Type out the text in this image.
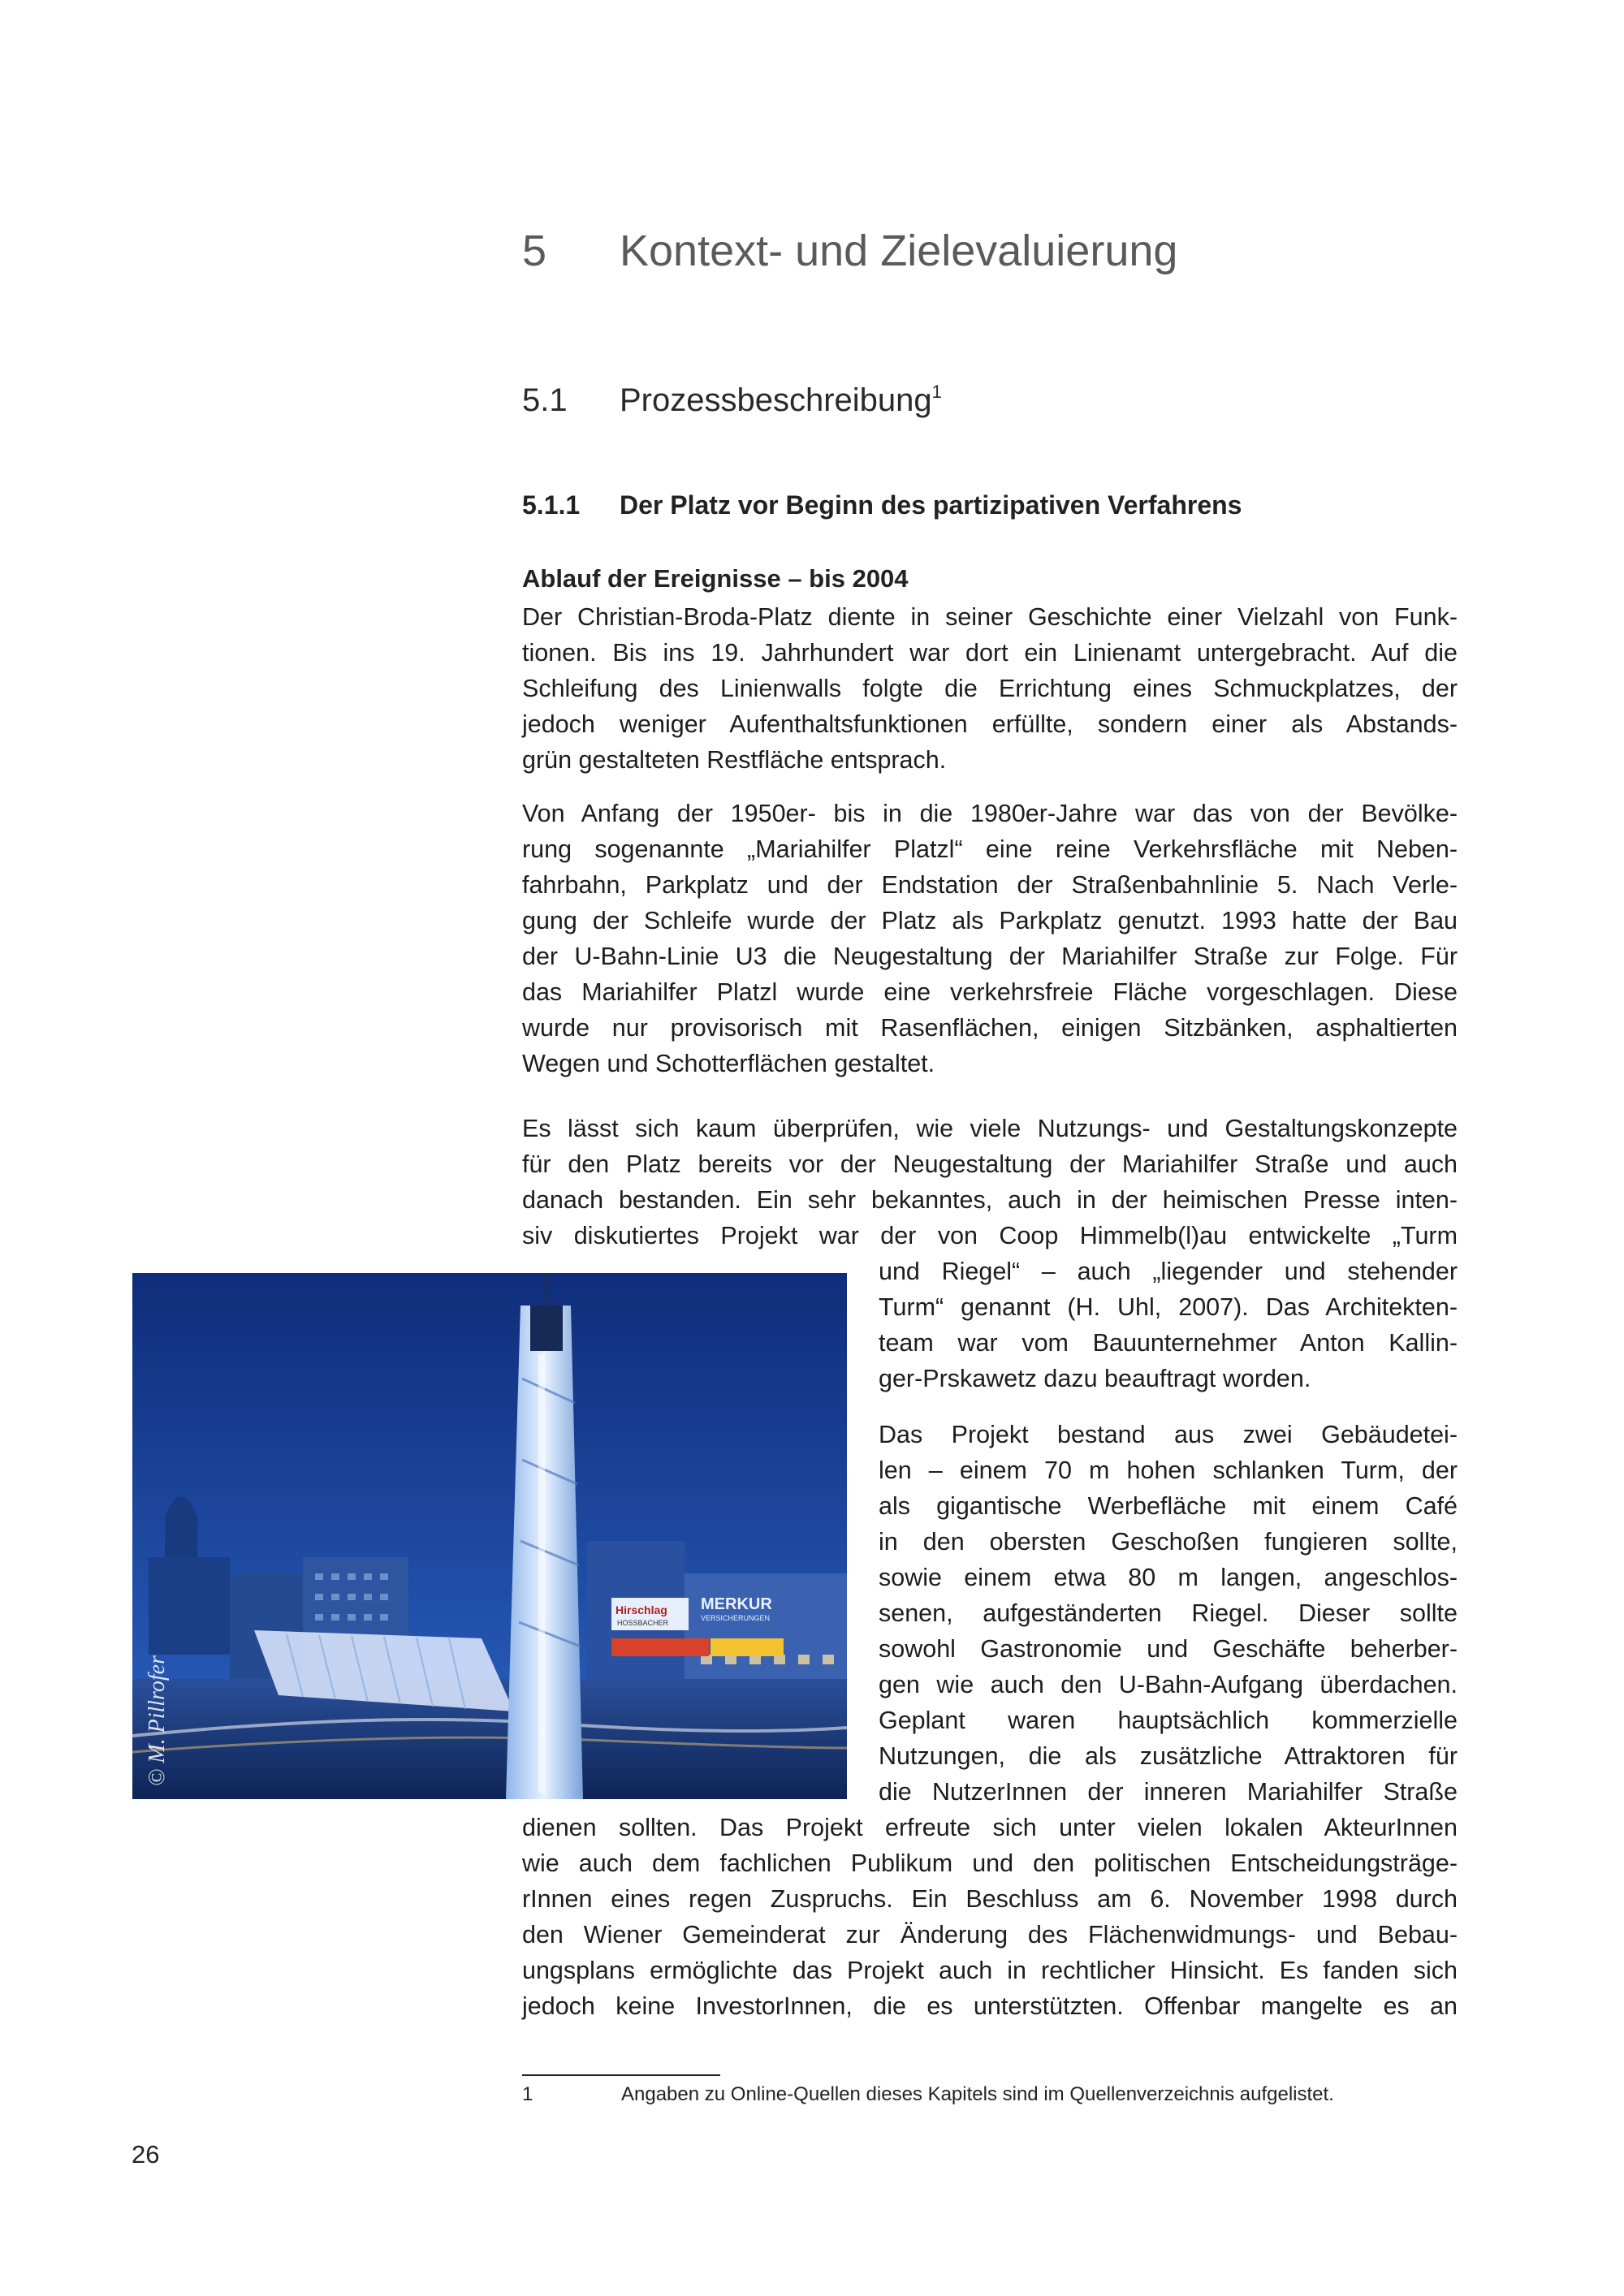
5 Kontext- und Zielevaluierung
5.1 Prozessbeschreibung$^1$
5.1.1 Der Platz vor Beginn des partizipativen Verfahrens
Ablauf der Ereignisse – bis 2004
Der Christian-Broda-Platz diente in seiner Geschichte einer Vielzahl von Funk-
tionen. Bis ins 19. Jahrhundert war dort ein Linienamt untergebracht. Auf die
Schleifung des Linienwalls folgte die Errichtung eines Schmuckplatzes, der
jedoch weniger Aufenthaltsfunktionen erfüllte, sondern einer als Abstands-
grün gestalteten Restfläche entsprach.
Von Anfang der 1950er- bis in die 1980er-Jahre war das von der Bevölke-
rung sogenannte „Mariahilfer Platzl“ eine reine Verkehrsfläche mit Neben-
fahrbahn, Parkplatz und der Endstation der Straßenbahnlinie 5. Nach Verle-
gung der Schleife wurde der Platz als Parkplatz genutzt. 1993 hatte der Bau
der U-Bahn-Linie U3 die Neugestaltung der Mariahilfer Straße zur Folge. Für
das Mariahilfer Platzl wurde eine verkehrsfreie Fläche vorgeschlagen. Diese
wurde nur provisorisch mit Rasenflächen, einigen Sitzbänken, asphaltierten
Wegen und Schotterflächen gestaltet.
Es lässt sich kaum überprüfen, wie viele Nutzungs- und Gestaltungskonzepte
für den Platz bereits vor der Neugestaltung der Mariahilfer Straße und auch
danach bestanden. Ein sehr bekanntes, auch in der heimischen Presse inten-
siv diskutiertes Projekt war der von Coop Himmelb(l)au entwickelte „Turm
und Riegel“ – auch „liegender und stehender
Turm“ genannt (H. Uhl, 2007). Das Architekten-
team war vom Bauunternehmer Anton Kallin-
ger-Prskawetz dazu beauftragt worden.
Das Projekt bestand aus zwei Gebäudetei-
len – einem 70 m hohen schlanken Turm, der
als gigantische Werbefläche mit einem Café
in den obersten Geschoßen fungieren sollte,
sowie einem etwa 80 m langen, angeschlos-
senen, aufgeständerten Riegel. Dieser sollte
sowohl Gastronomie und Geschäfte beherber-
gen wie auch den U-Bahn-Aufgang überdachen.
Geplant waren hauptsächlich kommerzielle
Nutzungen, die als zusätzliche Attraktoren für
die NutzerInnen der inneren Mariahilfer Straße
dienen sollten. Das Projekt erfreute sich unter vielen lokalen AkteurInnen
wie auch dem fachlichen Publikum und den politischen Entscheidungsträge-
rInnen eines regen Zuspruchs. Ein Beschluss am 6. November 1998 durch
den Wiener Gemeinderat zur Änderung des Flächenwidmungs- und Bebau-
ungsplans ermöglichte das Projekt auch in rechtlicher Hinsicht. Es fanden sich
jedoch keine InvestorInnen, die es unterstützten. Offenbar mangelte es an
Hirschlag
HOSSBACHER
MERKUR
VERSICHERUNGEN
© M. Pillrofer
1	Angaben zu Online-Quellen dieses Kapitels sind im Quellenverzeichnis aufgelistet.
26
